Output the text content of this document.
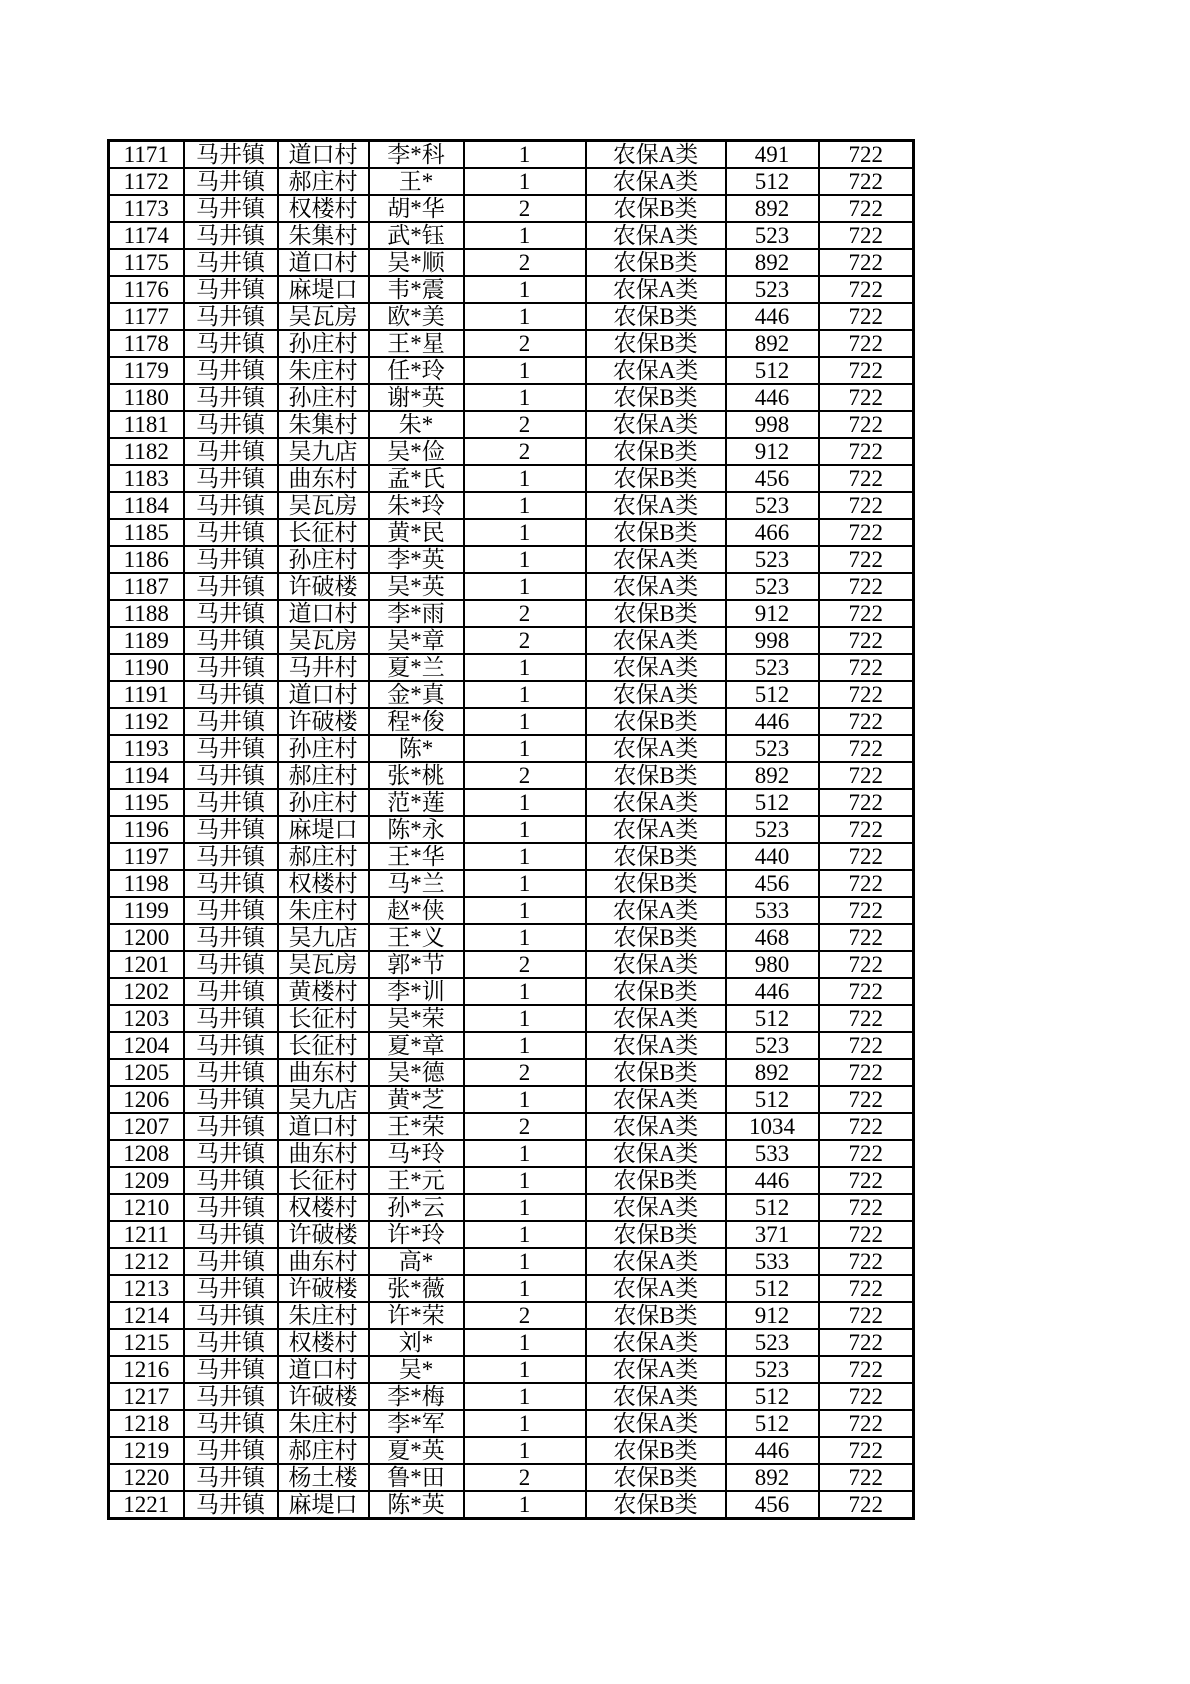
1171	马井镇	道口村	李*科	1	农保A类	491	722
1172	马井镇	郝庄村	王*	1	农保A类	512	722
1173	马井镇	权楼村	胡*华	2	农保B类	892	722
1174	马井镇	朱集村	武*钰	1	农保A类	523	722
1175	马井镇	道口村	吴*顺	2	农保B类	892	722
1176	马井镇	麻堤口	韦*震	1	农保A类	523	722
1177	马井镇	吴瓦房	欧*美	1	农保B类	446	722
1178	马井镇	孙庄村	王*星	2	农保B类	892	722
1179	马井镇	朱庄村	任*玲	1	农保A类	512	722
1180	马井镇	孙庄村	谢*英	1	农保B类	446	722
1181	马井镇	朱集村	朱*	2	农保A类	998	722
1182	马井镇	吴九店	吴*俭	2	农保B类	912	722
1183	马井镇	曲东村	孟*氏	1	农保B类	456	722
1184	马井镇	吴瓦房	朱*玲	1	农保A类	523	722
1185	马井镇	长征村	黄*民	1	农保B类	466	722
1186	马井镇	孙庄村	李*英	1	农保A类	523	722
1187	马井镇	许破楼	吴*英	1	农保A类	523	722
1188	马井镇	道口村	李*雨	2	农保B类	912	722
1189	马井镇	吴瓦房	吴*章	2	农保A类	998	722
1190	马井镇	马井村	夏*兰	1	农保A类	523	722
1191	马井镇	道口村	金*真	1	农保A类	512	722
1192	马井镇	许破楼	程*俊	1	农保B类	446	722
1193	马井镇	孙庄村	陈*	1	农保A类	523	722
1194	马井镇	郝庄村	张*桃	2	农保B类	892	722
1195	马井镇	孙庄村	范*莲	1	农保A类	512	722
1196	马井镇	麻堤口	陈*永	1	农保A类	523	722
1197	马井镇	郝庄村	王*华	1	农保B类	440	722
1198	马井镇	权楼村	马*兰	1	农保B类	456	722
1199	马井镇	朱庄村	赵*侠	1	农保A类	533	722
1200	马井镇	吴九店	王*义	1	农保B类	468	722
1201	马井镇	吴瓦房	郭*节	2	农保A类	980	722
1202	马井镇	黄楼村	李*训	1	农保B类	446	722
1203	马井镇	长征村	吴*荣	1	农保A类	512	722
1204	马井镇	长征村	夏*章	1	农保A类	523	722
1205	马井镇	曲东村	吴*德	2	农保B类	892	722
1206	马井镇	吴九店	黄*芝	1	农保A类	512	722
1207	马井镇	道口村	王*荣	2	农保A类	1034	722
1208	马井镇	曲东村	马*玲	1	农保A类	533	722
1209	马井镇	长征村	王*元	1	农保B类	446	722
1210	马井镇	权楼村	孙*云	1	农保A类	512	722
1211	马井镇	许破楼	许*玲	1	农保B类	371	722
1212	马井镇	曲东村	高*	1	农保A类	533	722
1213	马井镇	许破楼	张*薇	1	农保A类	512	722
1214	马井镇	朱庄村	许*荣	2	农保B类	912	722
1215	马井镇	权楼村	刘*	1	农保A类	523	722
1216	马井镇	道口村	吴*	1	农保A类	523	722
1217	马井镇	许破楼	李*梅	1	农保A类	512	722
1218	马井镇	朱庄村	李*军	1	农保A类	512	722
1219	马井镇	郝庄村	夏*英	1	农保B类	446	722
1220	马井镇	杨土楼	鲁*田	2	农保B类	892	722
1221	马井镇	麻堤口	陈*英	1	农保B类	456	722
